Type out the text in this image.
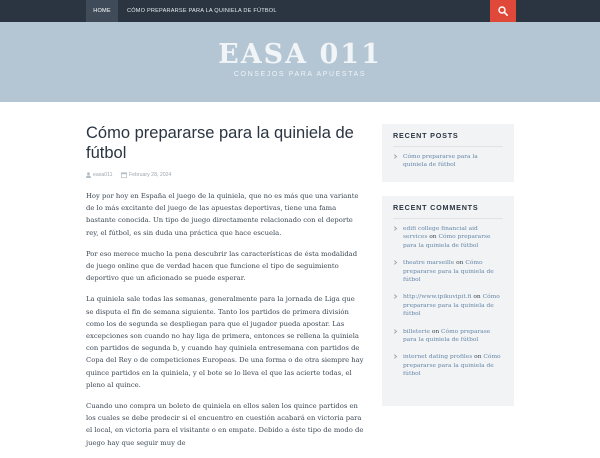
HOME	CÓMO PREPARARSE PARA LA QUINIELA DE FÚTBOL
EASA 011
CONSEJOS PARA APUESTAS
Cómo prepararse para la quiniela de fútbol
easa011	February 28, 2024

Hoy por hoy en España el juego de la quiniela, que no es más que una variante de lo más excitante del juego de las apuestas deportivas, tiene una fama bastante conocida. Un tipo de juego directamente relacionado con el deporte rey, el fútbol, es sin duda una práctica que hace escuela.

Por eso merece mucho la pena descubrir las características de ésta modalidad de juego online que de verdad hacen que funcione el tipo de seguimiento deportivo que un aficionado se puede esperar.

La quiniela sale todas las semanas, generalmente para la jornada de Liga que se disputa el fin de semana siguiente. Tanto los partidos de primera división como los de segunda se despliegan para que el jugador pueda apostar. Las excepciones son cuando no hay liga de primera, entonces se rellena la quiniela con partidos de segunda b, y cuando hay quiniela entresemana con partidos de Copa del Rey o de competiciones Europeas. De una forma o de otra siempre hay quince partidos en la quiniela, y el bote se lo lleva el que las acierte todas, el pleno al quince.

Cuando uno compra un boleto de quiniela en ellos salen los quince partidos en los cuales se debe predecir si el encuentro en cuestión acabará en victoria para el local, en victoria para el visitante o en empate. Debido a éste tipo de modo de juego hay que seguir muy de

RECENT POSTS
Cómo prepararse para la quiniela de fútbol
RECENT COMMENTS
edifi college financial aid services on Cómo prepararse para la quiniela de fútbol
theatre marseille on Cómo prepararse para la quiniela de fútbol
http://www.ipikuvipit.fi on Cómo prepararse para la quiniela de fútbol
billeterie on Cómo preparase para la quiniela de fútbol
internet dating profiles on Cómo prepararse para la quiniela de fútbol
